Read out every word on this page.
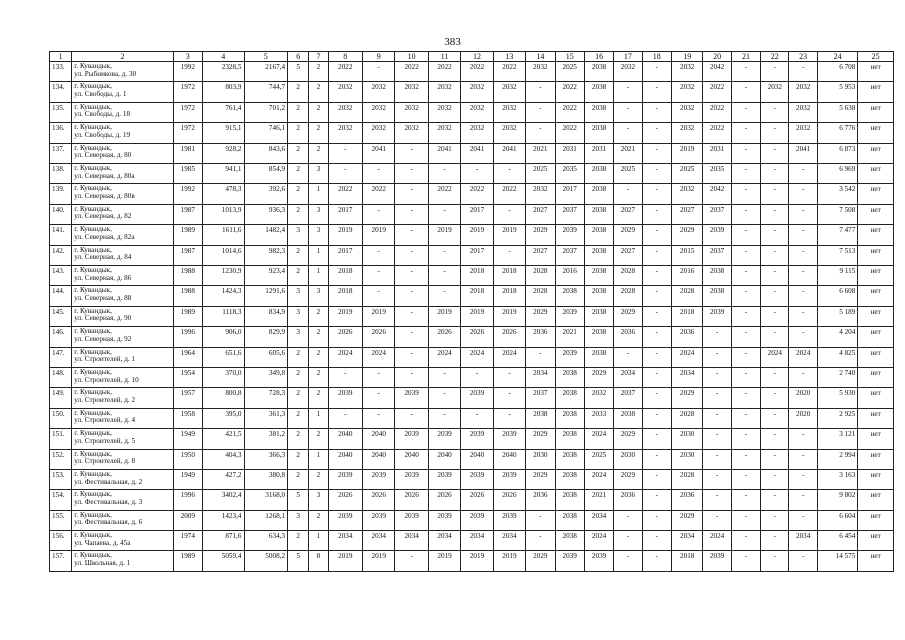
383
1	2	3	4	5	6	7	8	9	10	11	12	13	14	15	16	17	18	19	20	21	22	23	24	25
133.	г. Кувандык,
ул. Рыбникова, д. 30	1992	2328,5	2167,4	5	2	2022	-	2022	2022	2022	2022	2032	2025	2038	2032	-	2032	2042	-	-	-	6 708	нет
134.	г. Кувандык,
ул. Свободы, д. 1	1972	803,9	744,7	2	2	2032	2032	2032	2032	2032	2032	-	2022	2038	-	-	2032	2022	-	2032	2032	5 953	нет
135.	г. Кувандык,
ул. Свободы, д. 18	1972	761,4	701,2	2	2	2032	2032	2032	2032	2032	2032	-	2022	2038	-	-	2032	2022	-	-	2032	5 638	нет
136.	г. Кувандык,
ул. Свободы, д. 19	1972	915,1	746,1	2	2	2032	2032	2032	2032	2032	2032	-	2022	2038	-	-	2032	2022	-	-	2032	6 776	нет
137.	г. Кувандык,
ул. Северная, д. 80	1981	928,2	843,6	2	2	-	2041	-	2041	2041	2041	2021	2031	2031	2021	-	2019	2031	-	-	2041	6 873	нет
138.	г. Кувандык,
ул. Северная, д. 80а	1985	941,1	854,9	2	3	-	-	-	-	-	-	2025	2035	2038	2025	-	2025	2035	-	-	-	6 969	нет
139.	г. Кувандык,
ул. Северная, д. 80в	1992	478,3	392,6	2	1	2022	2022	-	2022	2022	2022	2032	2017	2038	-	-	2032	2042	-	-	-	3 542	нет
140.	г. Кувандык,
ул. Северная, д. 82	1987	1013,9	936,3	2	3	2017	-	-	-	2017	-	2027	2037	2038	2027	-	2027	2037	-	-	-	7 508	нет
141.	г. Кувандык,
ул. Северная, д. 82а	1989	1611,6	1482,4	3	3	2019	2019	-	2019	2019	2019	2029	2039	2038	2029	-	2029	2039	-	-	-	7 477	нет
142.	г. Кувандык,
ул. Северная, д. 84	1987	1014,6	982,3	2	1	2017	-	-	-	2017	-	2027	2037	2038	2027	-	2015	2037	-	-	-	7 513	нет
143.	г. Кувандык,
ул. Северная, д. 86	1988	1230,9	923,4	2	1	2018	-	-	-	2018	2018	2028	2016	2038	2028	-	2016	2038	-	-	-	9 115	нет
144.	г. Кувандык,
ул. Северная, д. 88	1988	1424,3	1291,6	3	3	2018	-	-	-	2018	2018	2028	2038	2038	2028	-	2028	2038	-	-	-	6 608	нет
145.	г. Кувандык,
ул. Северная, д. 90	1989	1118,3	834,9	3	2	2019	2019	-	2019	2019	2019	2029	2039	2038	2029	-	2018	2039	-	-	-	5 189	нет
146.	г. Кувандык,
ул. Северная, д. 92	1996	906,0	829,9	3	2	2026	2026	-	2026	2026	2026	2036	2021	2038	2036	-	2036	-	-	-	-	4 204	нет
147.	г. Кувандык,
ул. Строителей, д. 1	1964	651,6	605,6	2	2	2024	2024	-	2024	2024	2024	-	2039	2038	-	-	2024	-	-	2024	2024	4 825	нет
148.	г. Кувандык,
ул. Строителей, д. 10	1954	370,0	349,8	2	2	-	-	-	-	-	-	2034	2038	2029	2034	-	2034	-	-	-	-	2 740	нет
149.	г. Кувандык,
ул. Строителей, д. 2	1957	800,8	728,3	2	2	2039	-	2039	-	2039	-	2037	2038	2032	2037	-	2029	-	-	-	2020	5 930	нет
150.	г. Кувандык,
ул. Строителей, д. 4	1958	395,0	361,3	2	1	-	-	-	-	-	-	2038	2038	2033	2038	-	2028	-	-	-	2020	2 925	нет
151.	г. Кувандык,
ул. Строителей, д. 5	1949	421,5	381,2	2	2	2040	2040	2039	2039	2039	2039	2029	2038	2024	2029	-	2030	-	-	-	-	3 121	нет
152.	г. Кувандык,
ул. Строителей, д. 8	1950	404,3	366,3	2	1	2040	2040	2040	2040	2040	2040	2030	2038	2025	2030	-	2030	-	-	-	-	2 994	нет
153.	г. Кувандык,
ул. Фестивальная, д. 2	1949	427,2	380,8	2	2	2039	2039	2039	2039	2039	2039	2029	2038	2024	2029	-	2028	-	-	-	-	3 163	нет
154.	г. Кувандык,
ул. Фестивальная, д. 3	1996	3402,4	3168,0	5	3	2026	2026	2026	2026	2026	2026	2036	2038	2021	2036	-	2036	-	-	-	-	9 802	нет
155.	г. Кувандык,
ул. Фестивальная, д. 6	2009	1423,4	1268,1	3	2	2039	2039	2039	2039	2039	2039	-	2038	2034	-	-	2029	-	-	-	-	6 604	нет
156.	г. Кувандык,
ул. Чапаева, д. 45а	1974	871,6	634,3	2	1	2034	2034	2034	2034	2034	2034	-	2038	2024	-	-	2034	2024	-	-	2034	6 454	нет
157.	г. Кувандык,
ул. Школьная, д. 1	1989	5059,4	5008,2	5	8	2019	2019	-	2019	2019	2019	2029	2039	2039	-	-	2018	2039	-	-	-	14 575	нет
